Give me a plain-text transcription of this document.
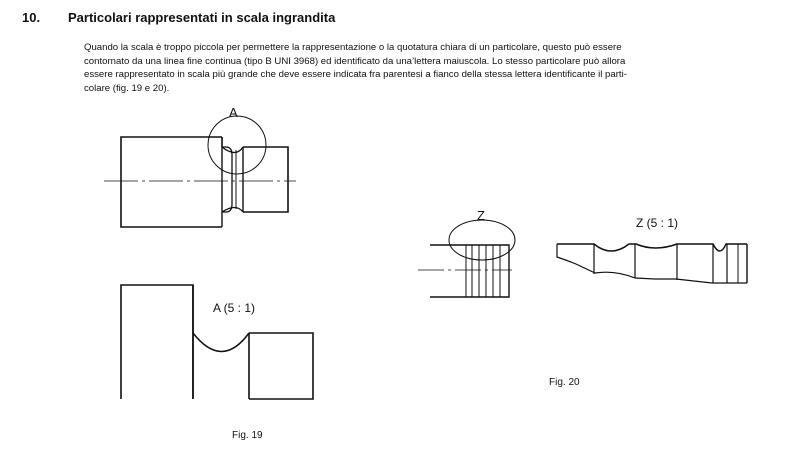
10. Particolari rappresentati in scala ingrandita
Quando la scala è troppo piccola per permettere la rappresentazione o la quotatura chiara di un particolare, questo può essere
contornato da una linea fine continua (tipo B UNI 3968) ed identificato da una’lettera maiuscola. Lo stesso particolare può allora
essere rappresentato in scala più grande che deve essere indicata fra parentesi a fianco della stessa lettera identificante il parti-
colare (fig. 19 e 20).
A
A (5 : 1)
Z	Z (5 : 1)
Fig. 19
Fig. 20
